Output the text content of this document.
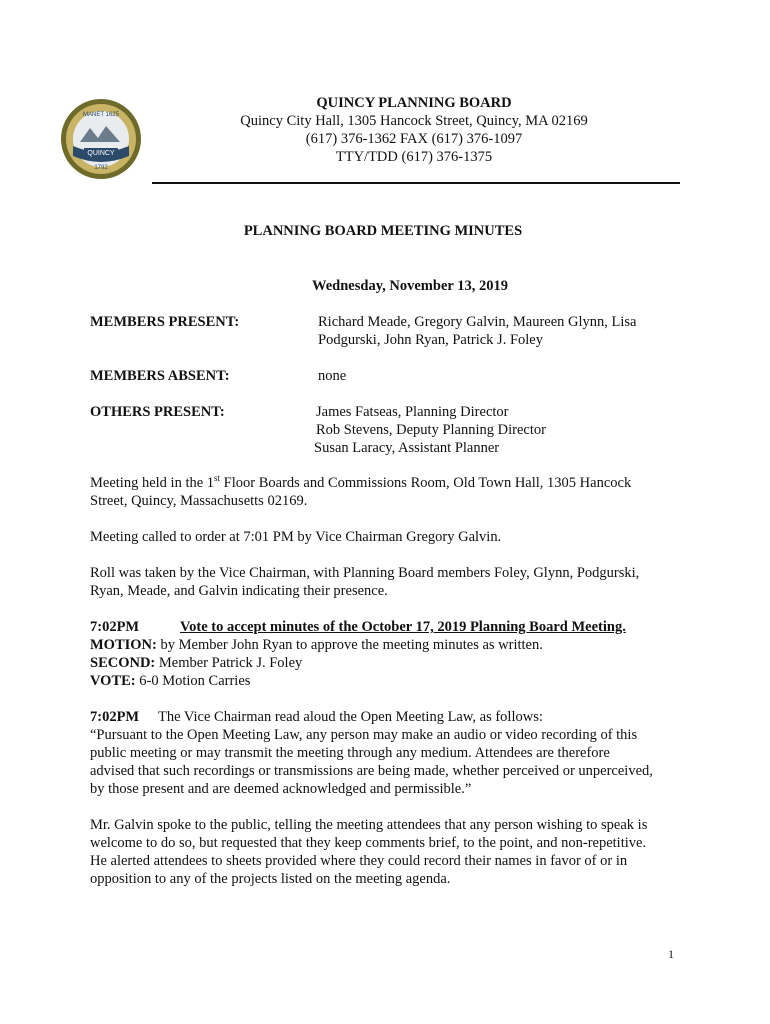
QUINCY
MANET 1625
1792
QUINCY PLANNING BOARD
Quincy City Hall, 1305 Hancock Street, Quincy, MA 02169
(617) 376-1362 FAX (617) 376-1097
TTY/TDD (617) 376-1375
PLANNING BOARD MEETING MINUTES
Wednesday, November 13, 2019
MEMBERS PRESENT:	Richard Meade, Gregory Galvin, Maureen Glynn, Lisa
Podgurski, John Ryan, Patrick J. Foley
MEMBERS ABSENT:	none
OTHERS PRESENT:	James Fatseas, Planning Director
Rob Stevens, Deputy Planning Director
Susan Laracy, Assistant Planner
Meeting held in the 1st Floor Boards and Commissions Room, Old Town Hall, 1305 Hancock
Street, Quincy, Massachusetts 02169.
Meeting called to order at 7:01 PM by Vice Chairman Gregory Galvin.
Roll was taken by the Vice Chairman, with Planning Board members Foley, Glynn, Podgurski,
Ryan, Meade, and Galvin indicating their presence.
7:02PM	Vote to accept minutes of the October 17, 2019 Planning Board Meeting.
MOTION: by Member John Ryan to approve the meeting minutes as written.
SECOND: Member Patrick J. Foley
VOTE: 6-0 Motion Carries
7:02PM The Vice Chairman read aloud the Open Meeting Law, as follows:
“Pursuant to the Open Meeting Law, any person may make an audio or video recording of this
public meeting or may transmit the meeting through any medium. Attendees are therefore
advised that such recordings or transmissions are being made, whether perceived or unperceived,
by those present and are deemed acknowledged and permissible.”
Mr. Galvin spoke to the public, telling the meeting attendees that any person wishing to speak is
welcome to do so, but requested that they keep comments brief, to the point, and non-repetitive.
He alerted attendees to sheets provided where they could record their names in favor of or in
opposition to any of the projects listed on the meeting agenda.
1
